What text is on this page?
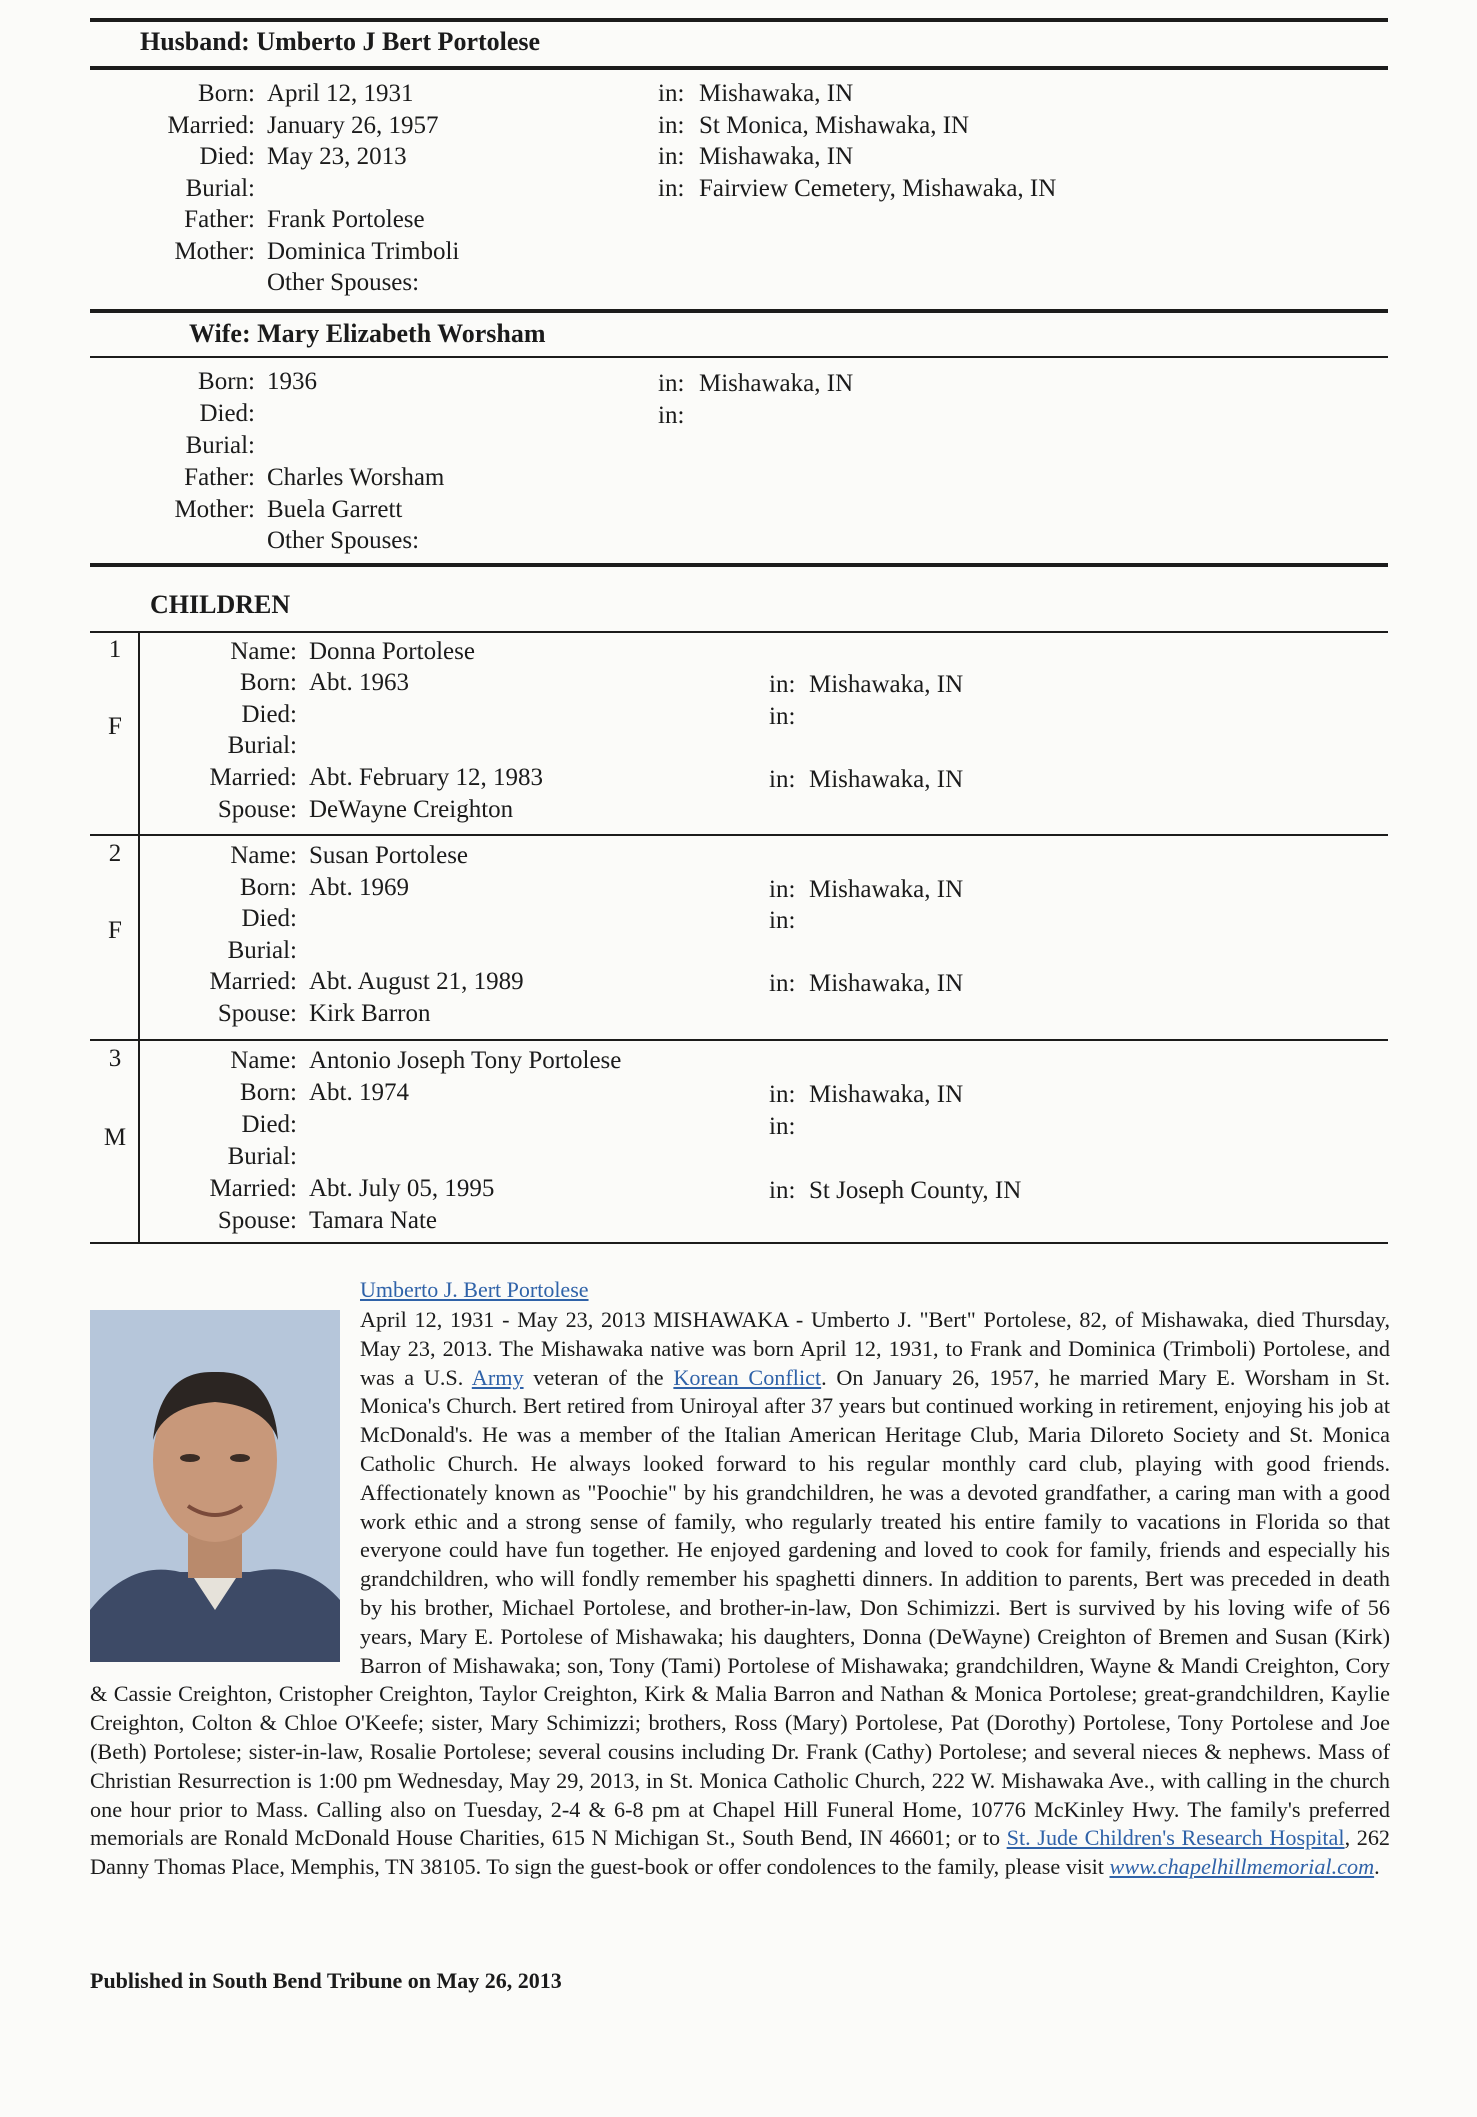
Husband: Umberto J Bert Portolese
Born: April 12, 1931	in: Mishawaka, IN
Married: January 26, 1957	in: St Monica, Mishawaka, IN
Died: May 23, 2013	in: Mishawaka, IN
Burial:	in: Fairview Cemetery, Mishawaka, IN
Father: Frank Portolese
Mother: Dominica Trimboli
Other Spouses:
Wife: Mary Elizabeth Worsham
Born: 1936	in: Mishawaka, IN
Died:	in:
Burial:
Father: Charles Worsham
Mother: Buela Garrett
Other Spouses:
CHILDREN
1
F
Name: Donna Portolese
Born: Abt. 1963	in: Mishawaka, IN
Died:	in:
Burial:
Married: Abt. February 12, 1983	in: Mishawaka, IN
Spouse: DeWayne Creighton
2
F
Name: Susan Portolese
Born: Abt. 1969	in: Mishawaka, IN
Died:	in:
Burial:
Married: Abt. August 21, 1989	in: Mishawaka, IN
Spouse: Kirk Barron
3
M
Name: Antonio Joseph Tony Portolese
Born: Abt. 1974	in: Mishawaka, IN
Died:	in:
Burial:
Married: Abt. July 05, 1995	in: St Joseph County, IN
Spouse: Tamara Nate
Umberto J. Bert Portolese
April 12, 1931 - May 23, 2013 MISHAWAKA - Umberto J. "Bert" Portolese, 82, of Mishawaka, died Thursday, May 23, 2013. The Mishawaka native was born April 12, 1931, to Frank and Dominica (Trimboli) Portolese, and was a U.S. Army veteran of the Korean Conflict. On January 26, 1957, he married Mary E. Worsham in St. Monica's Church. Bert retired from Uniroyal after 37 years but continued working in retirement, enjoying his job at McDonald's. He was a member of the Italian American Heritage Club, Maria Diloreto Society and St. Monica Catholic Church. He always looked forward to his regular monthly card club, playing with good friends. Affectionately known as "Poochie" by his grandchildren, he was a devoted grandfather, a caring man with a good work ethic and a strong sense of family, who regularly treated his entire family to vacations in Florida so that everyone could have fun together. He enjoyed gardening and loved to cook for family, friends and especially his grandchildren, who will fondly remember his spaghetti dinners. In addition to parents, Bert was preceded in death by his brother, Michael Portolese, and brother-in-law, Don Schimizzi. Bert is survived by his loving wife of 56 years, Mary E. Portolese of Mishawaka; his daughters, Donna (DeWayne) Creighton of Bremen and Susan (Kirk) Barron of Mishawaka; son, Tony (Tami) Portolese of Mishawaka; grandchildren, Wayne & Mandi Creighton, Cory & Cassie Creighton, Cristopher Creighton, Taylor Creighton, Kirk & Malia Barron and Nathan & Monica Portolese; great-grandchildren, Kaylie Creighton, Colton & Chloe O'Keefe; sister, Mary Schimizzi; brothers, Ross (Mary) Portolese, Pat (Dorothy) Portolese, Tony Portolese and Joe (Beth) Portolese; sister-in-law, Rosalie Portolese; several cousins including Dr. Frank (Cathy) Portolese; and several nieces & nephews. Mass of Christian Resurrection is 1:00 pm Wednesday, May 29, 2013, in St. Monica Catholic Church, 222 W. Mishawaka Ave., with calling in the church one hour prior to Mass. Calling also on Tuesday, 2-4 & 6-8 pm at Chapel Hill Funeral Home, 10776 McKinley Hwy. The family's preferred memorials are Ronald McDonald House Charities, 615 N Michigan St., South Bend, IN 46601; or to St. Jude Children's Research Hospital, 262 Danny Thomas Place, Memphis, TN 38105. To sign the guest-book or offer condolences to the family, please visit www.chapelhillmemorial.com.
Published in South Bend Tribune on May 26, 2013
